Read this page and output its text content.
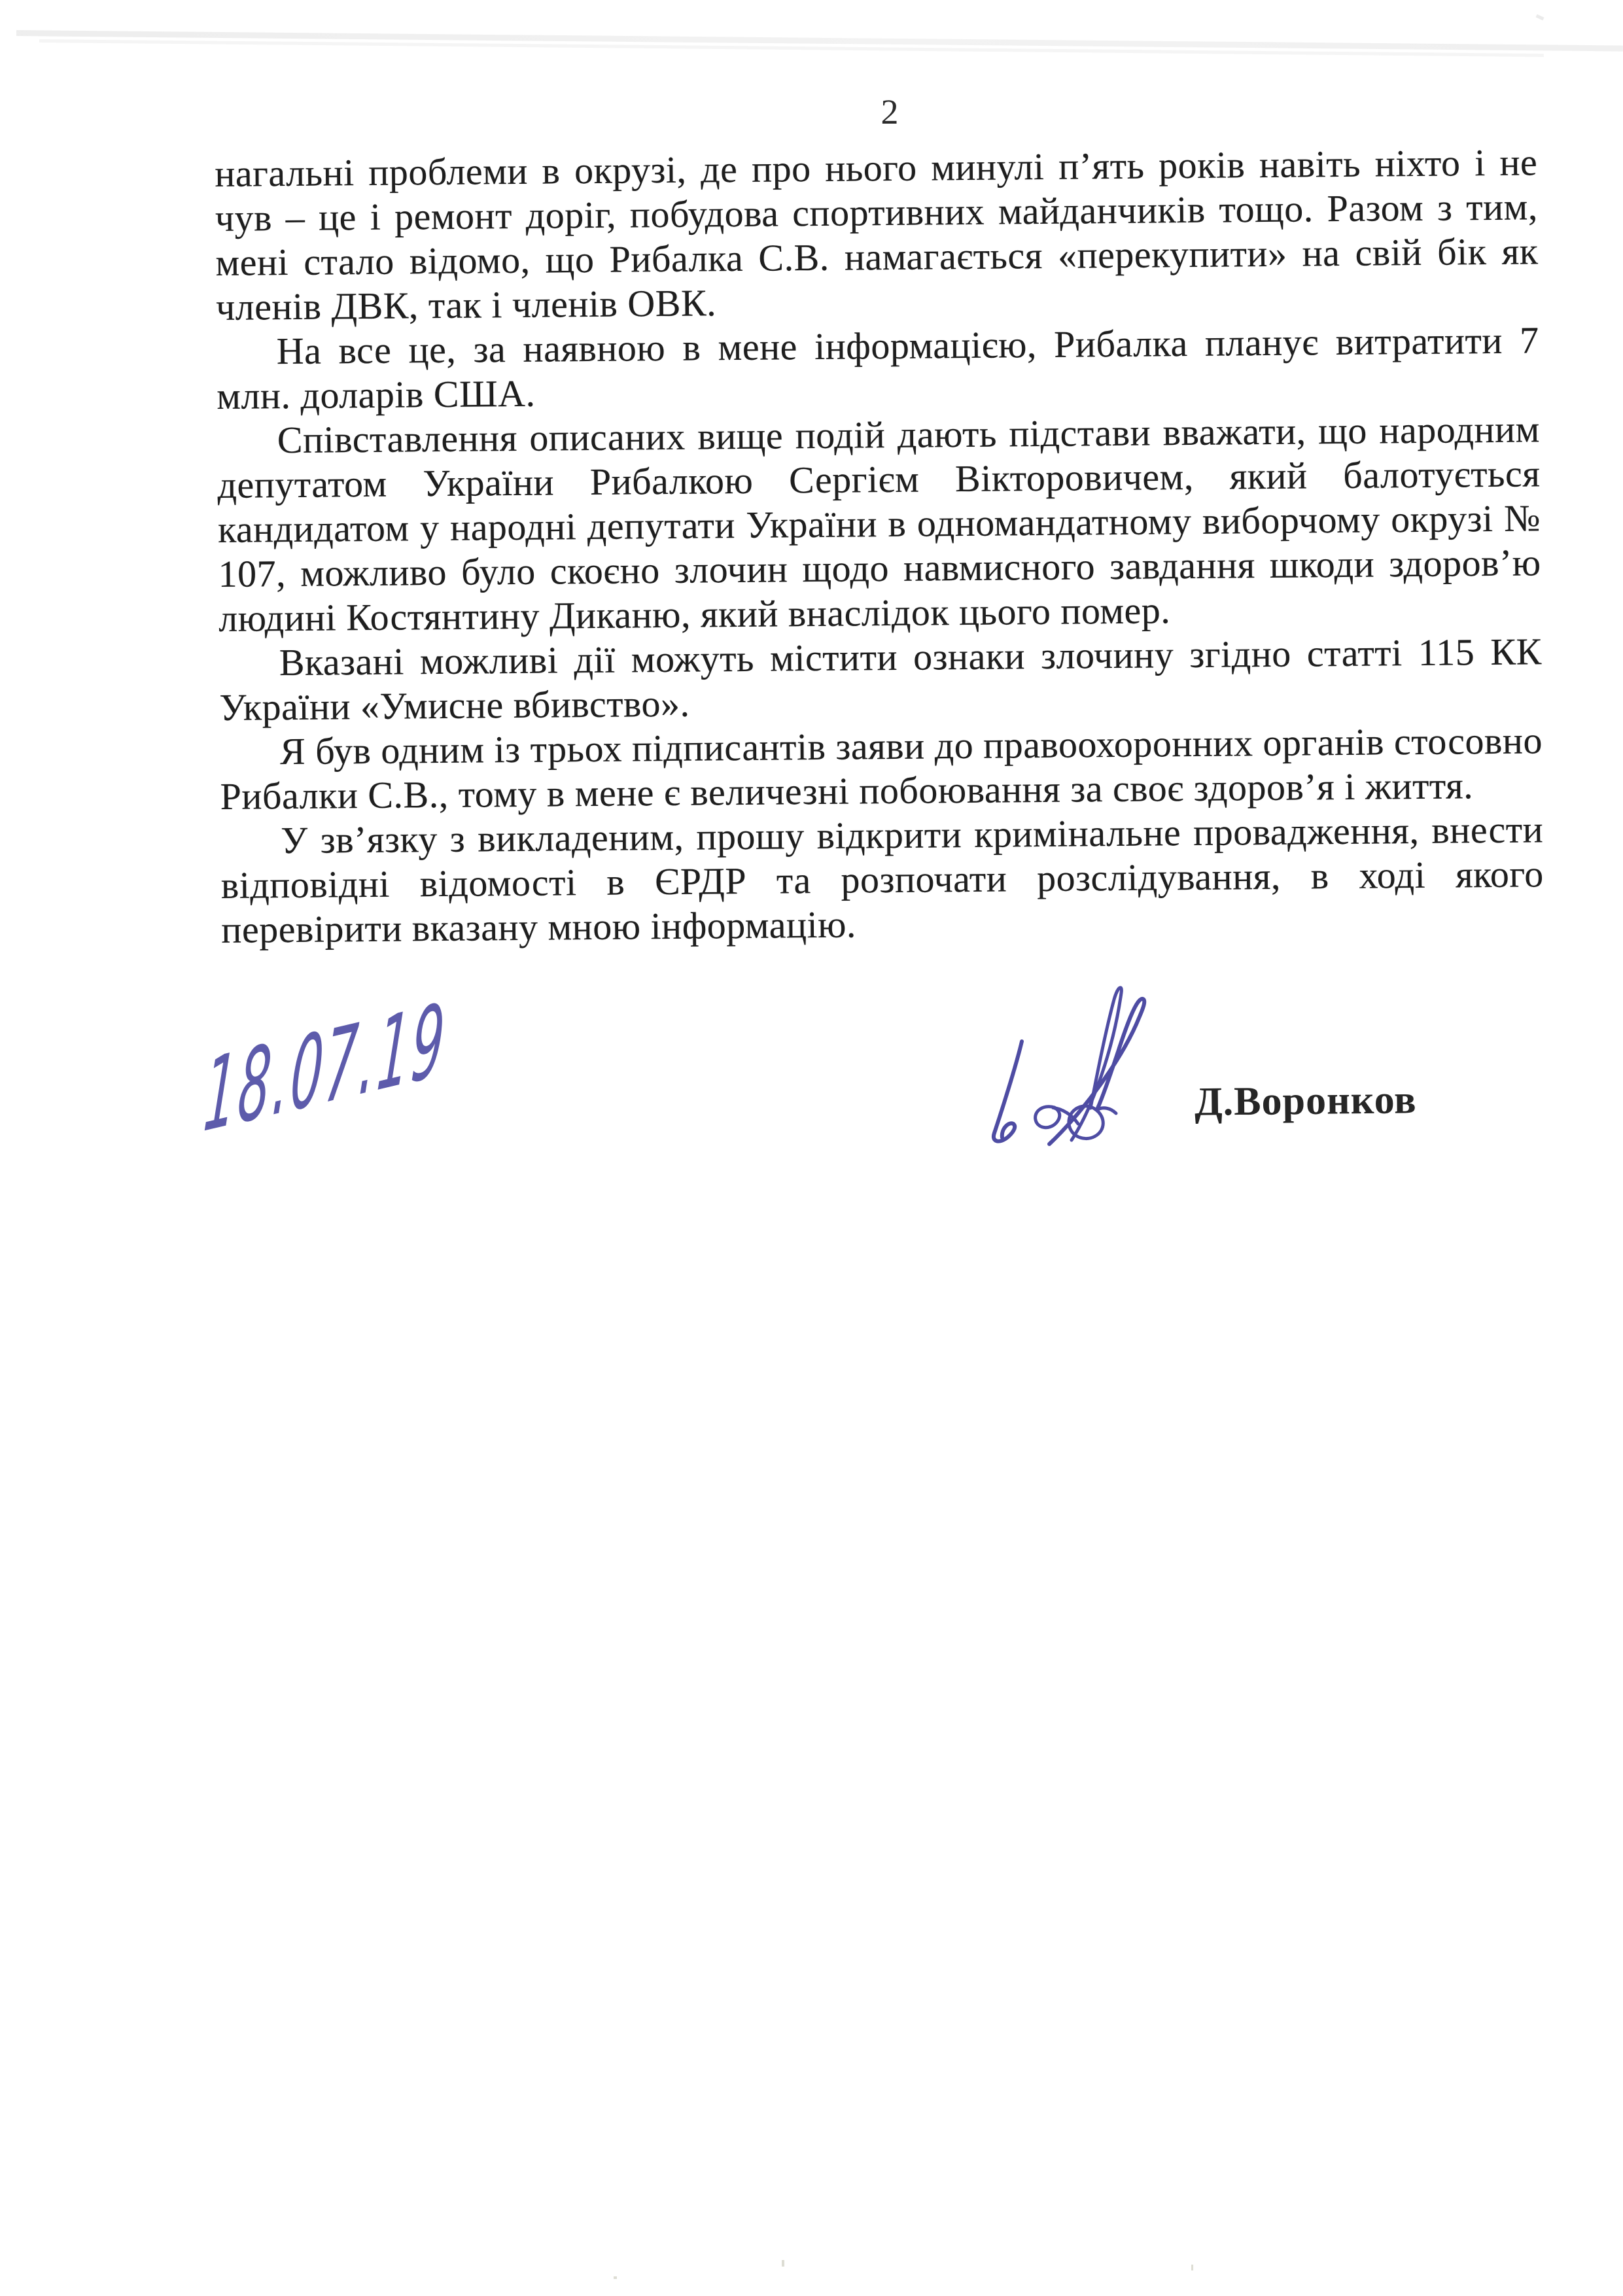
2

нагальні проблеми в окрузі, де про нього минулі п’ять років навіть ніхто і не чув – це і ремонт доріг, побудова спортивних майданчиків тощо. Разом з тим, мені стало відомо, що Рибалка С.В. намагається «перекупити» на свій бік як членів ДВК, так і членів ОВК.

На все це, за наявною в мене інформацією, Рибалка планує витратити 7 млн. доларів США.

Співставлення описаних вище подій дають підстави вважати, що народним депутатом України Рибалкою Сергієм Вікторовичем, який балотується кандидатом у народні депутати України в одномандатному виборчому окрузі № 107, можливо було скоєно злочин щодо навмисного завдання шкоди здоров’ю людині Костянтину Диканю, який внаслідок цього помер.

Вказані можливі дії можуть містити ознаки злочину згідно статті 115 КК України «Умисне вбивство».

Я був одним із трьох підписантів заяви до правоохоронних органів стосовно Рибалки С.В., тому в мене є величезні побоювання за своє здоров’я і життя.

У зв’язку з викладеним, прошу відкрити кримінальне провадження, внести відповідні відомості в ЄРДР та розпочати розслідування, в ході якого перевірити вказану мною інформацію.

18.07.19	Д.Воронков
